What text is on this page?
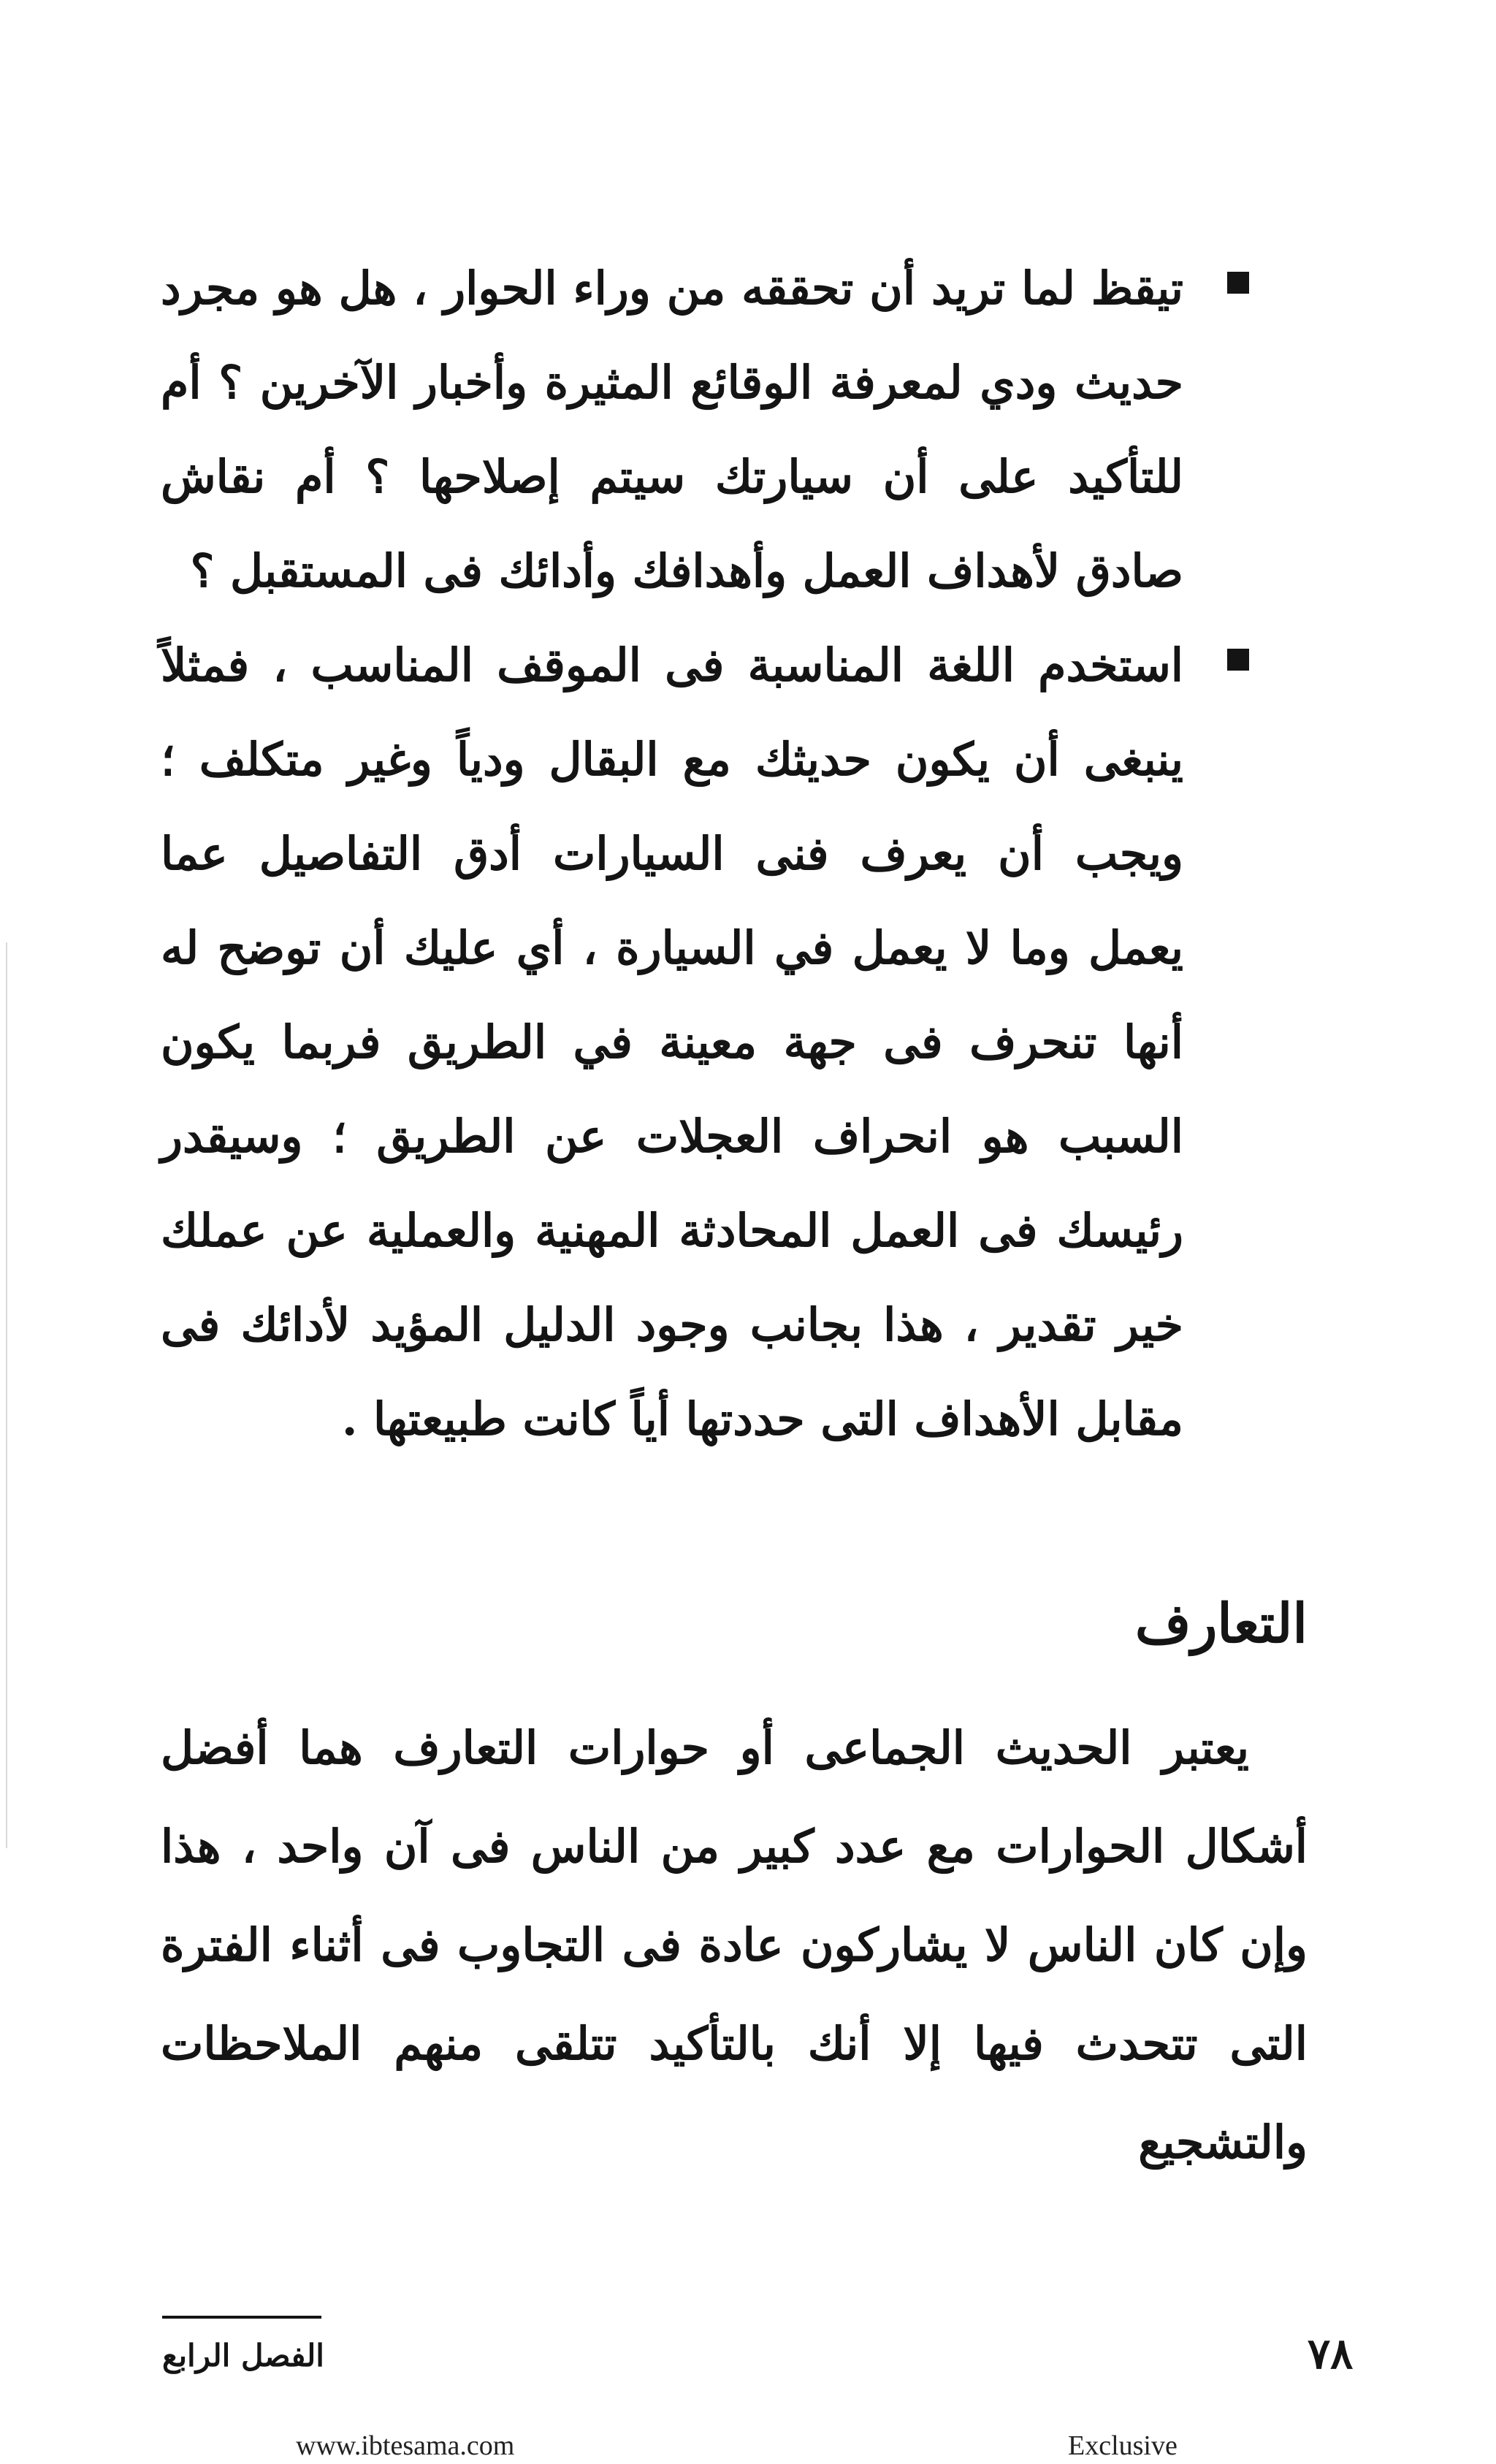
تيقظ لما تريد أن تحققه من وراء الحوار ، هل هو مجرد حديث ودي لمعرفة الوقائع المثيرة وأخبار الآخرين ؟ أم للتأكيد على أن سيارتك سيتم إصلاحها ؟ أم نقاش صادق لأهداف العمل وأهدافك وأدائك فى المستقبل ؟
استخدم اللغة المناسبة فى الموقف المناسب ، فمثلاً ينبغى أن يكون حديثك مع البقال ودياً وغير متكلف ؛ ويجب أن يعرف فنى السيارات أدق التفاصيل عما يعمل وما لا يعمل في السيارة ، أي عليك أن توضح له أنها تنحرف فى جهة معينة في الطريق فربما يكون السبب هو انحراف العجلات عن الطريق ؛ وسيقدر رئيسك فى العمل المحادثة المهنية والعملية عن عملك خير تقدير ، هذا بجانب وجود الدليل المؤيد لأدائك فى مقابل الأهداف التى حددتها أياً كانت طبيعتها .
التعارف

يعتبر الحديث الجماعى أو حوارات التعارف هما أفضل أشكال الحوارات مع عدد كبير من الناس فى آن واحد ، هذا وإن كان الناس لا يشاركون عادة فى التجاوب فى أثناء الفترة التى تتحدث فيها إلا أنك بالتأكيد تتلقى منهم الملاحظات والتشجيع

الفصل الرابع	٧٨
www.ibtesama.com	Exclusive
